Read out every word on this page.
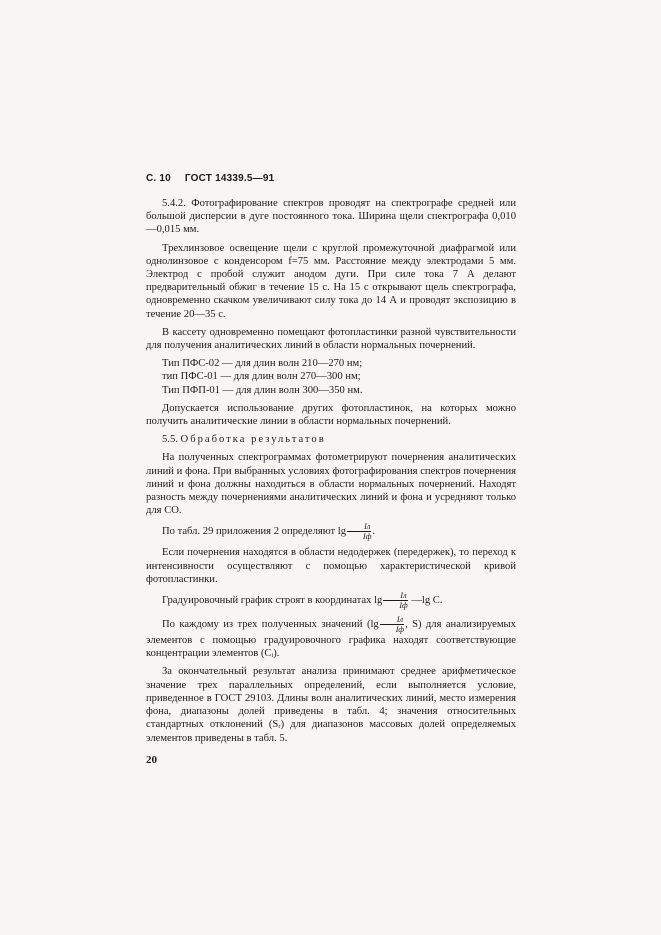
С. 10 ГОСТ 14339.5—91

5.4.2. Фотографирование спектров проводят на спектрографе средней или большой дисперсии в дуге постоянного тока. Ширина щели спектрографа 0,010—0,015 мм.

Трехлинзовое освещение щели с круглой промежуточной диафрагмой или однолинзовое с конденсором f=75 мм. Расстояние между электродами 5 мм. Электрод с пробой служит анодом дуги. При силе тока 7 А делают предварительный обжиг в течение 15 с. На 15 с открывают щель спектрографа, одновременно скачком увеличивают силу тока до 14 А и проводят экспозицию в течение 20—35 с.

В кассету одновременно помещают фотопластинки разной чувствительности для получения аналитических линий в области нормальных почернений.

Тип ПФС-02 — для длин волн 210—270 нм;
тип ПФС-01 — для длин волн 270—300 нм;
Тип ПФП-01 — для длин волн 300—350 нм.

Допускается использование других фотопластинок, на которых можно получить аналитические линии в области нормальных почернений.

5.5. Обработка результатов

На полученных спектрограммах фотометрируют почернения аналитических линий и фона. При выбранных условиях фотографирования спектров почернения линий и фона должны находиться в области нормальных почернений. Находят разность между почернениями аналитических линий и фона и усредняют только для СО.

По табл. 29 приложения 2 определяют $\lg \frac{Iл}{Iф}$ .

Если почернения находятся в области недодержек (передержек), то переход к интенсивности осуществляют с помощью характеристической кривой фотопластинки.

Градуировочный график строят в координатах $\lg \frac{Iл}{Iф}$ —lg C.

По каждому из трех полученных значений ($\lg \frac{Iл}{Iф}$ , S) для анализируемых элементов с помощью градуировочного графика находят соответствующие концентрации элементов (Cᵢ).

За окончательный результат анализа принимают среднее арифметическое значение трех параллельных определений, если выполняется условие, приведенное в ГОСТ 29103. Длины волн аналитических линий, место измерения фона, диапазоны долей приведены в табл. 4; значения относительных стандартных отклонений (Sᵣ) для диапазонов массовых долей определяемых элементов приведены в табл. 5.

20
